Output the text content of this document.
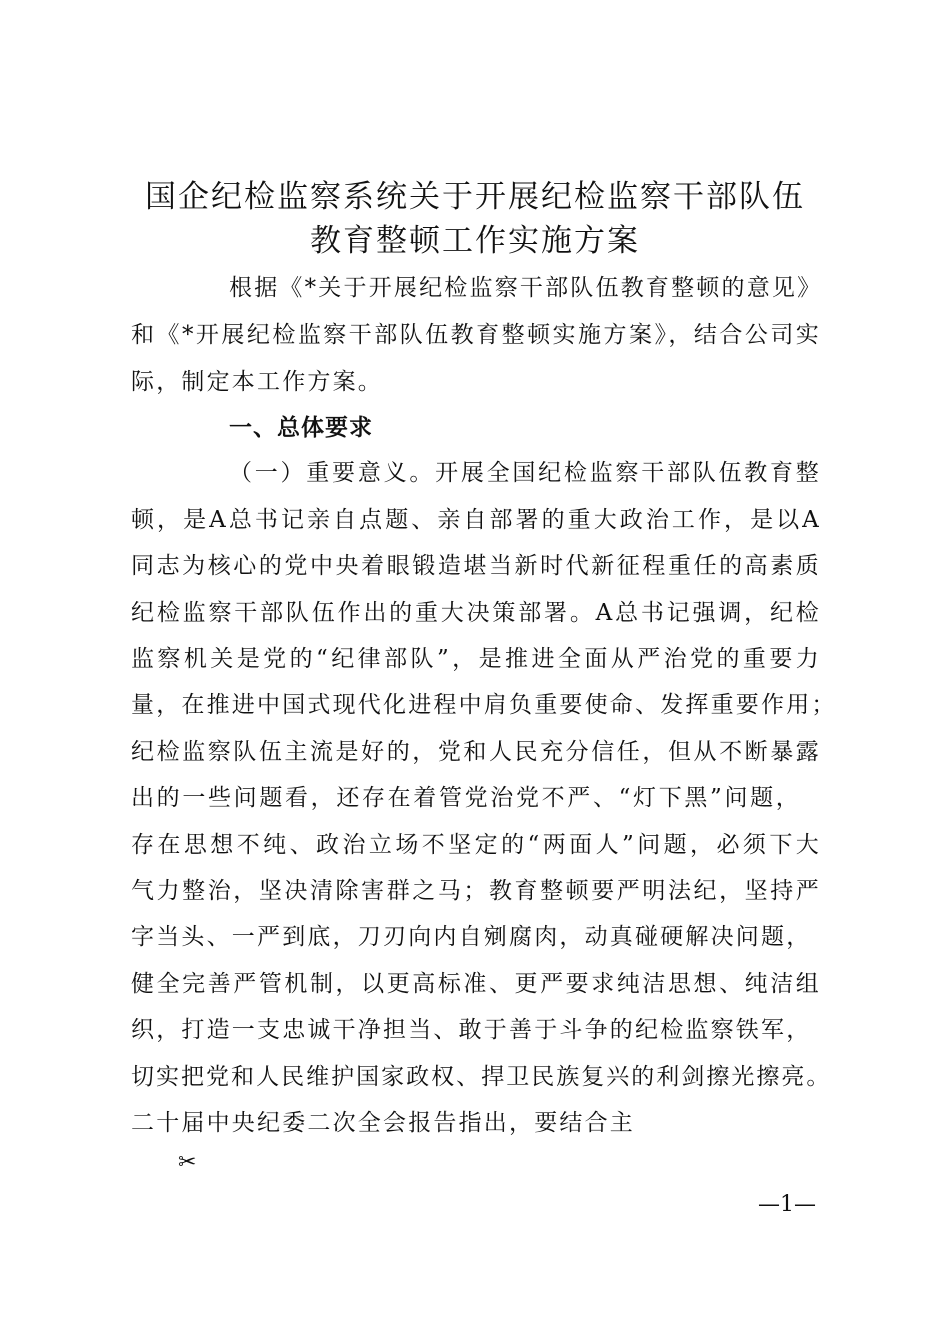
国企纪检监察系统关于开展纪检监察干部队伍
教育整顿工作实施方案
根据《*关于开展纪检监察干部队伍教育整顿的意见》
和《*开展纪检监察干部队伍教育整顿实施方案》，结合公司实
际，制定本工作方案。
一、总体要求
（一）重要意义。开展全国纪检监察干部队伍教育整
顿，是A总书记亲自点题、亲自部署的重大政治工作，是以A
同志为核心的党中央着眼锻造堪当新时代新征程重任的高素质
纪检监察干部队伍作出的重大决策部署。A总书记强调，纪检
监察机关是党的“纪律部队”，是推进全面从严治党的重要力
量，在推进中国式现代化进程中肩负重要使命、发挥重要作用；
纪检监察队伍主流是好的，党和人民充分信任，但从不断暴露
出的一些问题看，还存在着管党治党不严、“灯下黑”问题，
存在思想不纯、政治立场不坚定的“两面人”问题，必须下大
气力整治，坚决清除害群之马；教育整顿要严明法纪，坚持严
字当头、一严到底，刀刃向内自剜腐肉，动真碰硬解决问题，
健全完善严管机制，以更高标准、更严要求纯洁思想、纯洁组
织，打造一支忠诚干净担当、敢于善于斗争的纪检监察铁军，
切实把党和人民维护国家政权、捍卫民族复兴的利剑擦光擦亮。
二十届中央纪委二次全会报告指出，要结合主
✂
—1—
